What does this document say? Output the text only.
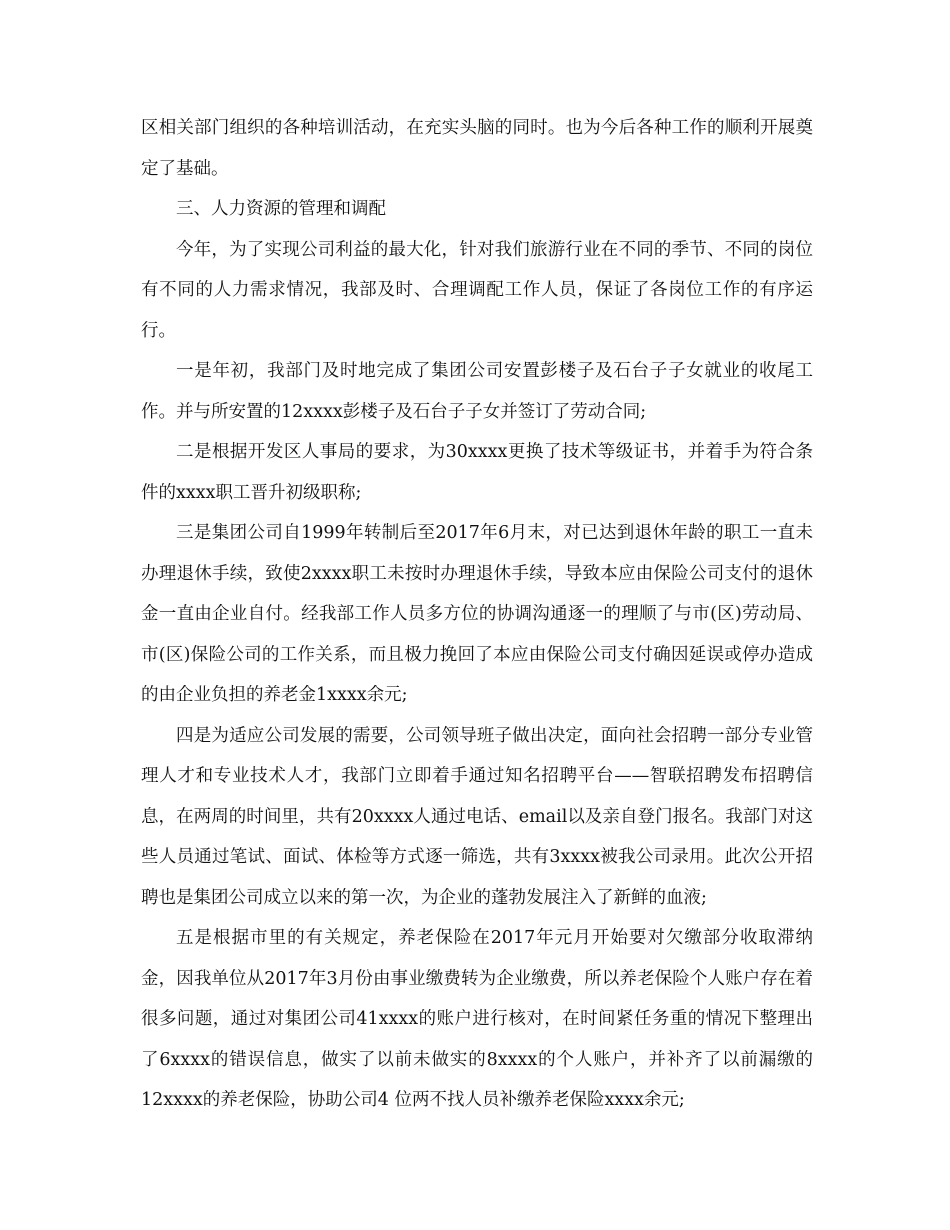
区相关部门组织的各种培训活动，在充实头脑的同时。也为今后各种工作的顺利开展奠定了基础。

三、人力资源的管理和调配

今年，为了实现公司利益的最大化，针对我们旅游行业在不同的季节、不同的岗位有不同的人力需求情况，我部及时、合理调配工作人员，保证了各岗位工作的有序运行。

一是年初，我部门及时地完成了集团公司安置彭楼子及石台子子女就业的收尾工作。并与所安置的12xxxx彭楼子及石台子子女并签订了劳动合同;

二是根据开发区人事局的要求，为30xxxx更换了技术等级证书，并着手为符合条件的xxxx职工晋升初级职称;

三是集团公司自1999年转制后至2017年6月末，对已达到退休年龄的职工一直未办理退休手续，致使2xxxx职工未按时办理退休手续，导致本应由保险公司支付的退休金一直由企业自付。经我部工作人员多方位的协调沟通逐一的理顺了与市(区)劳动局、市(区)保险公司的工作关系，而且极力挽回了本应由保险公司支付确因延误或停办造成的由企业负担的养老金1xxxx余元;

四是为适应公司发展的需要，公司领导班子做出决定，面向社会招聘一部分专业管理人才和专业技术人才，我部门立即着手通过知名招聘平台——智联招聘发布招聘信息，在两周的时间里，共有20xxxx人通过电话、email以及亲自登门报名。我部门对这些人员通过笔试、面试、体检等方式逐一筛选，共有3xxxx被我公司录用。此次公开招聘也是集团公司成立以来的第一次，为企业的蓬勃发展注入了新鲜的血液;

五是根据市里的有关规定，养老保险在2017年元月开始要对欠缴部分收取滞纳金，因我单位从2017年3月份由事业缴费转为企业缴费，所以养老保险个人账户存在着很多问题，通过对集团公司41xxxx的账户进行核对，在时间紧任务重的情况下整理出了6xxxx的错误信息，做实了以前未做实的8xxxx的个人账户，并补齐了以前漏缴的12xxxx的养老保险，协助公司4 位两不找人员补缴养老保险xxxx余元;
